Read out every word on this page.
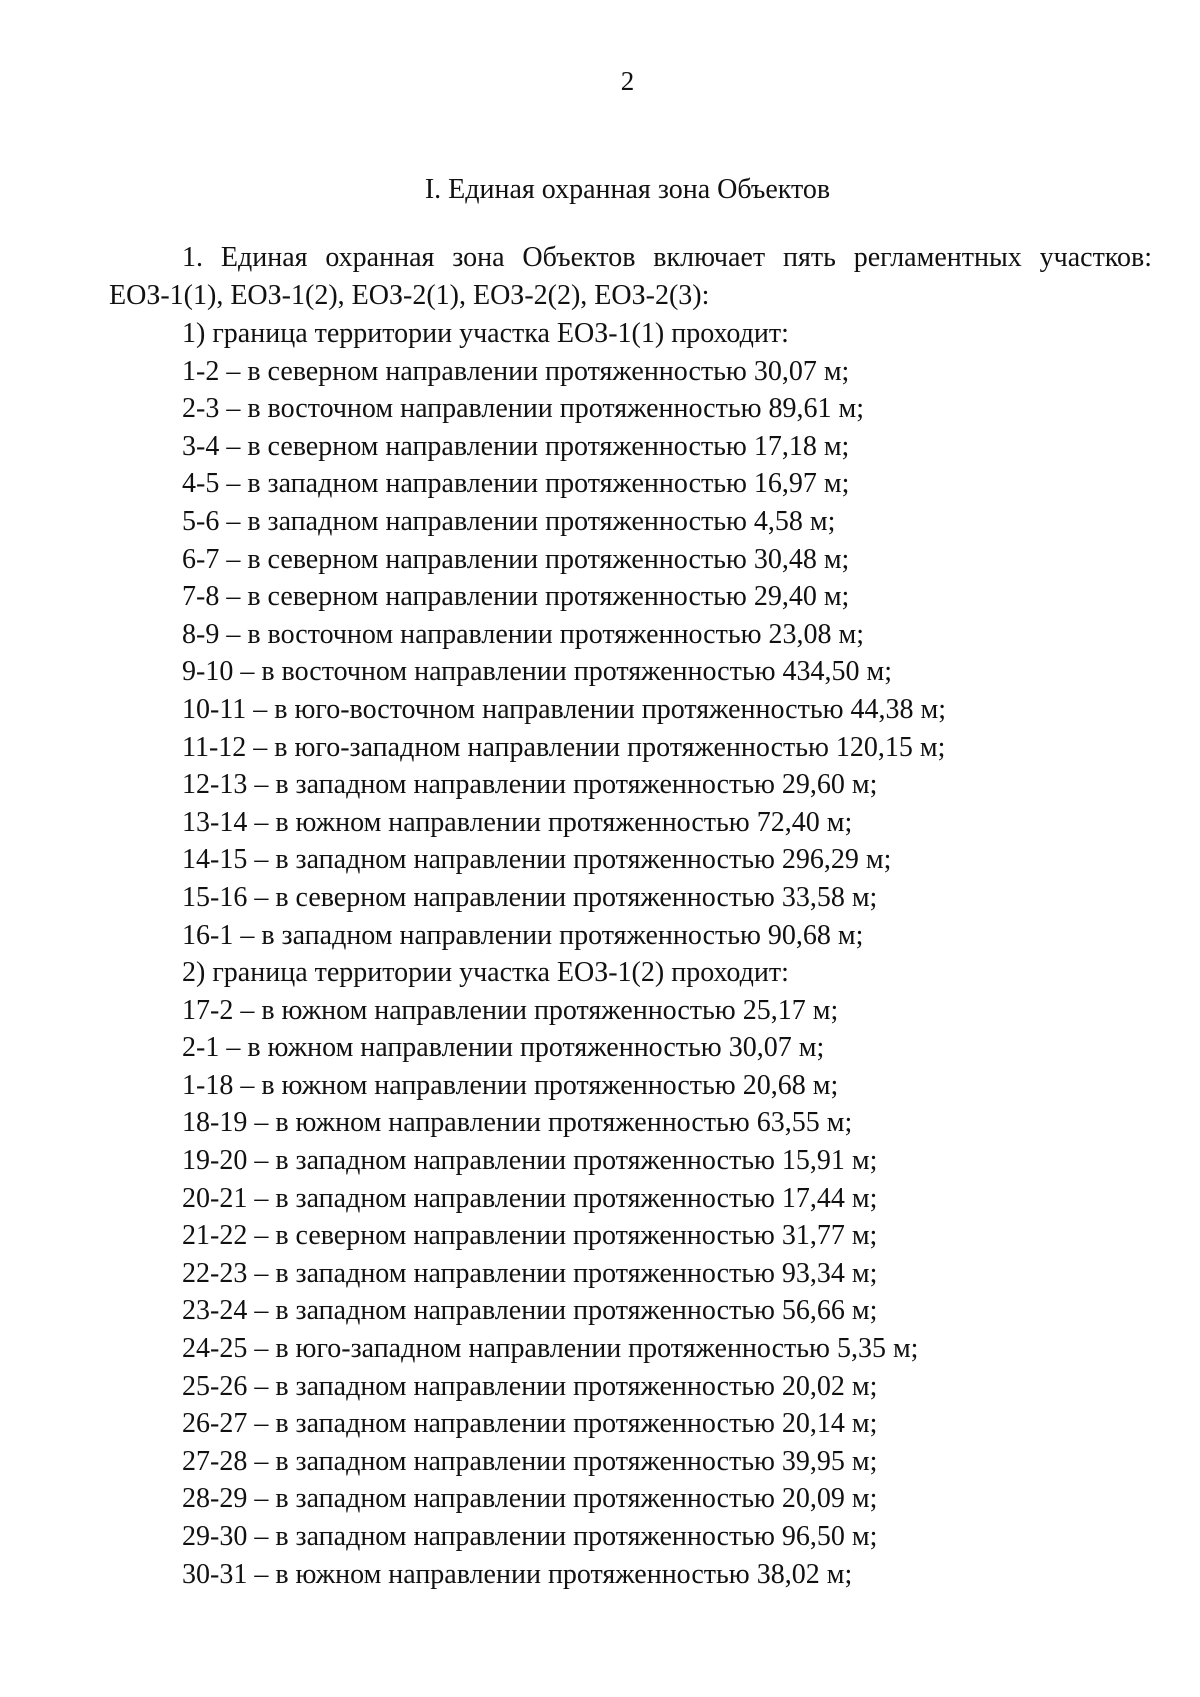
2
I. Единая охранная зона Объектов
1. Единая охранная зона Объектов включает пять регламентных участков:
ЕОЗ-1(1), ЕОЗ-1(2), ЕОЗ-2(1), ЕОЗ-2(2), ЕОЗ-2(3):
1) граница территории участка ЕОЗ-1(1) проходит:
1-2 – в северном направлении протяженностью 30,07 м;
2-3 – в восточном направлении протяженностью 89,61 м;
3-4 – в северном направлении протяженностью 17,18 м;
4-5 – в западном направлении протяженностью 16,97 м;
5-6 – в западном направлении протяженностью 4,58 м;
6-7 – в северном направлении протяженностью 30,48 м;
7-8 – в северном направлении протяженностью 29,40 м;
8-9 – в восточном направлении протяженностью 23,08 м;
9-10 – в восточном направлении протяженностью 434,50 м;
10-11 – в юго-восточном направлении протяженностью 44,38 м;
11-12 – в юго-западном направлении протяженностью 120,15 м;
12-13 – в западном направлении протяженностью 29,60 м;
13-14 – в южном направлении протяженностью 72,40 м;
14-15 – в западном направлении протяженностью 296,29 м;
15-16 – в северном направлении протяженностью 33,58 м;
16-1 – в западном направлении протяженностью 90,68 м;
2) граница территории участка ЕОЗ-1(2) проходит:
17-2 – в южном направлении протяженностью 25,17 м;
2-1 – в южном направлении протяженностью 30,07 м;
1-18 – в южном направлении протяженностью 20,68 м;
18-19 – в южном направлении протяженностью 63,55 м;
19-20 – в западном направлении протяженностью 15,91 м;
20-21 – в западном направлении протяженностью 17,44 м;
21-22 – в северном направлении протяженностью 31,77 м;
22-23 – в западном направлении протяженностью 93,34 м;
23-24 – в западном направлении протяженностью 56,66 м;
24-25 – в юго-западном направлении протяженностью 5,35 м;
25-26 – в западном направлении протяженностью 20,02 м;
26-27 – в западном направлении протяженностью 20,14 м;
27-28 – в западном направлении протяженностью 39,95 м;
28-29 – в западном направлении протяженностью 20,09 м;
29-30 – в западном направлении протяженностью 96,50 м;
30-31 – в южном направлении протяженностью 38,02 м;
